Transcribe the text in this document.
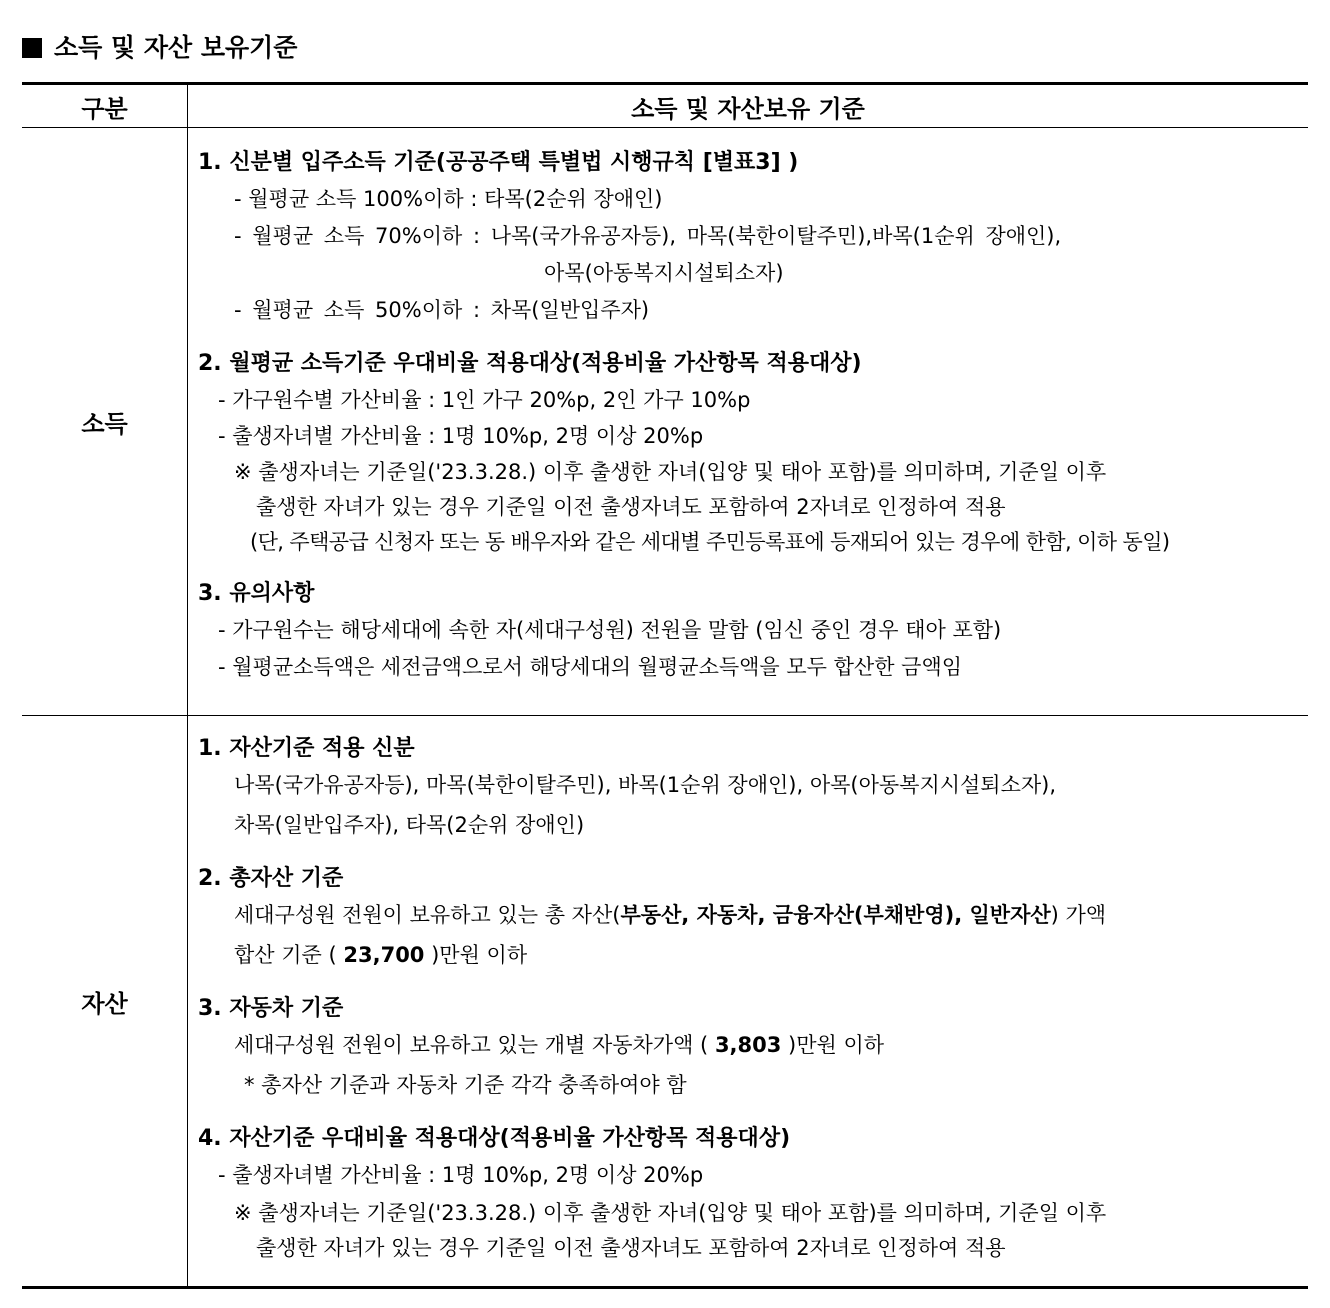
소득 및 자산 보유기준
구분	소득 및 자산보유 기준
소득
1. 신분별 입주소득 기준(공공주택 특별법 시행규칙 [별표3] )
- 월평균 소득 100%이하 : 타목(2순위 장애인)
- 월평균 소득 70%이하 : 나목(국가유공자등), 마목(북한이탈주민),바목(1순위 장애인),
아목(아동복지시설퇴소자)
- 월평균 소득 50%이하 : 차목(일반입주자)
2. 월평균 소득기준 우대비율 적용대상(적용비율 가산항목 적용대상)
- 가구원수별 가산비율 : 1인 가구 20%p, 2인 가구 10%p
- 출생자녀별 가산비율 : 1명 10%p, 2명 이상 20%p
※ 출생자녀는 기준일('23.3.28.) 이후 출생한 자녀(입양 및 태아 포함)를 의미하며, 기준일 이후
출생한 자녀가 있는 경우 기준일 이전 출생자녀도 포함하여 2자녀로 인정하여 적용
(단, 주택공급 신청자 또는 동 배우자와 같은 세대별 주민등록표에 등재되어 있는 경우에 한함, 이하 동일)
3. 유의사항
- 가구원수는 해당세대에 속한 자(세대구성원) 전원을 말함 (임신 중인 경우 태아 포함)
- 월평균소득액은 세전금액으로서 해당세대의 월평균소득액을 모두 합산한 금액임
자산
1. 자산기준 적용 신분
나목(국가유공자등), 마목(북한이탈주민), 바목(1순위 장애인), 아목(아동복지시설퇴소자),
차목(일반입주자), 타목(2순위 장애인)
2. 총자산 기준
세대구성원 전원이 보유하고 있는 총 자산(부동산, 자동차, 금융자산(부채반영), 일반자산) 가액
합산 기준 ( 23,700 )만원 이하
3. 자동차 기준
세대구성원 전원이 보유하고 있는 개별 자동차가액 ( 3,803 )만원 이하
* 총자산 기준과 자동차 기준 각각 충족하여야 함
4. 자산기준 우대비율 적용대상(적용비율 가산항목 적용대상)
- 출생자녀별 가산비율 : 1명 10%p, 2명 이상 20%p
※ 출생자녀는 기준일('23.3.28.) 이후 출생한 자녀(입양 및 태아 포함)를 의미하며, 기준일 이후
출생한 자녀가 있는 경우 기준일 이전 출생자녀도 포함하여 2자녀로 인정하여 적용
